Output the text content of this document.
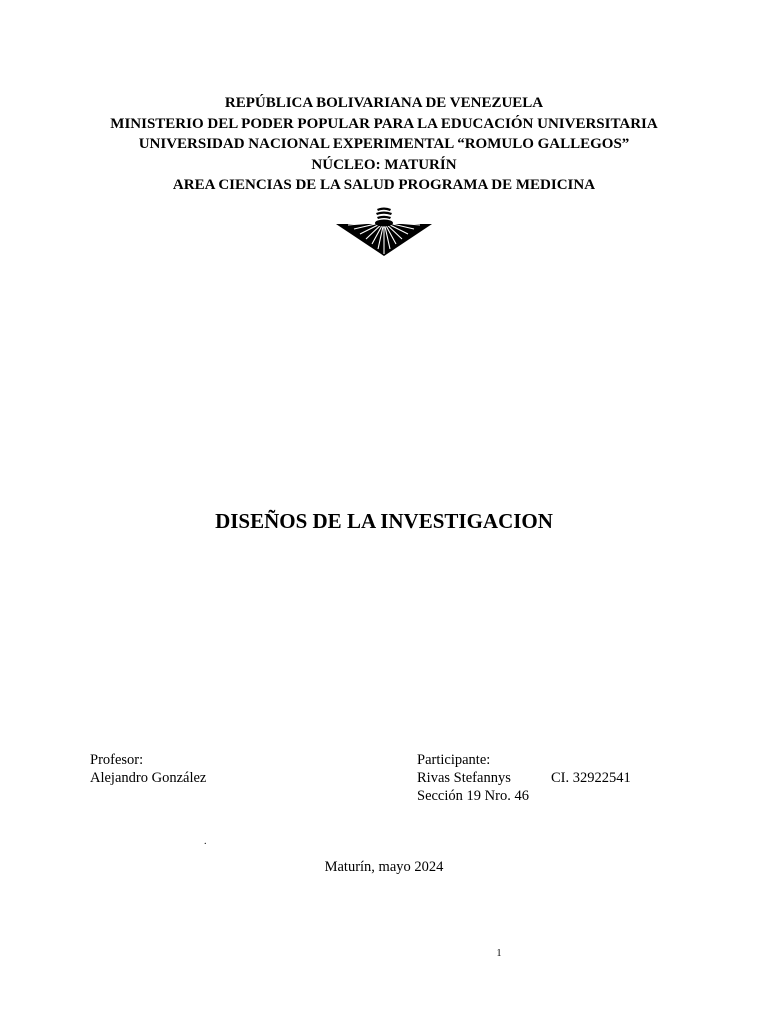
REPÚBLICA BOLIVARIANA DE VENEZUELA
MINISTERIO DEL PODER POPULAR PARA LA EDUCACIÓN UNIVERSITARIA
UNIVERSIDAD NACIONAL EXPERIMENTAL “ROMULO GALLEGOS”
NÚCLEO: MATURÍN
AREA CIENCIAS DE LA SALUD PROGRAMA DE MEDICINA
DISEÑOS DE LA INVESTIGACION
Profesor:
Alejandro González
Participante:
Rivas Stefannys
Sección 19 Nro. 46
CI. 32922541
.
Maturín, mayo 2024
1
